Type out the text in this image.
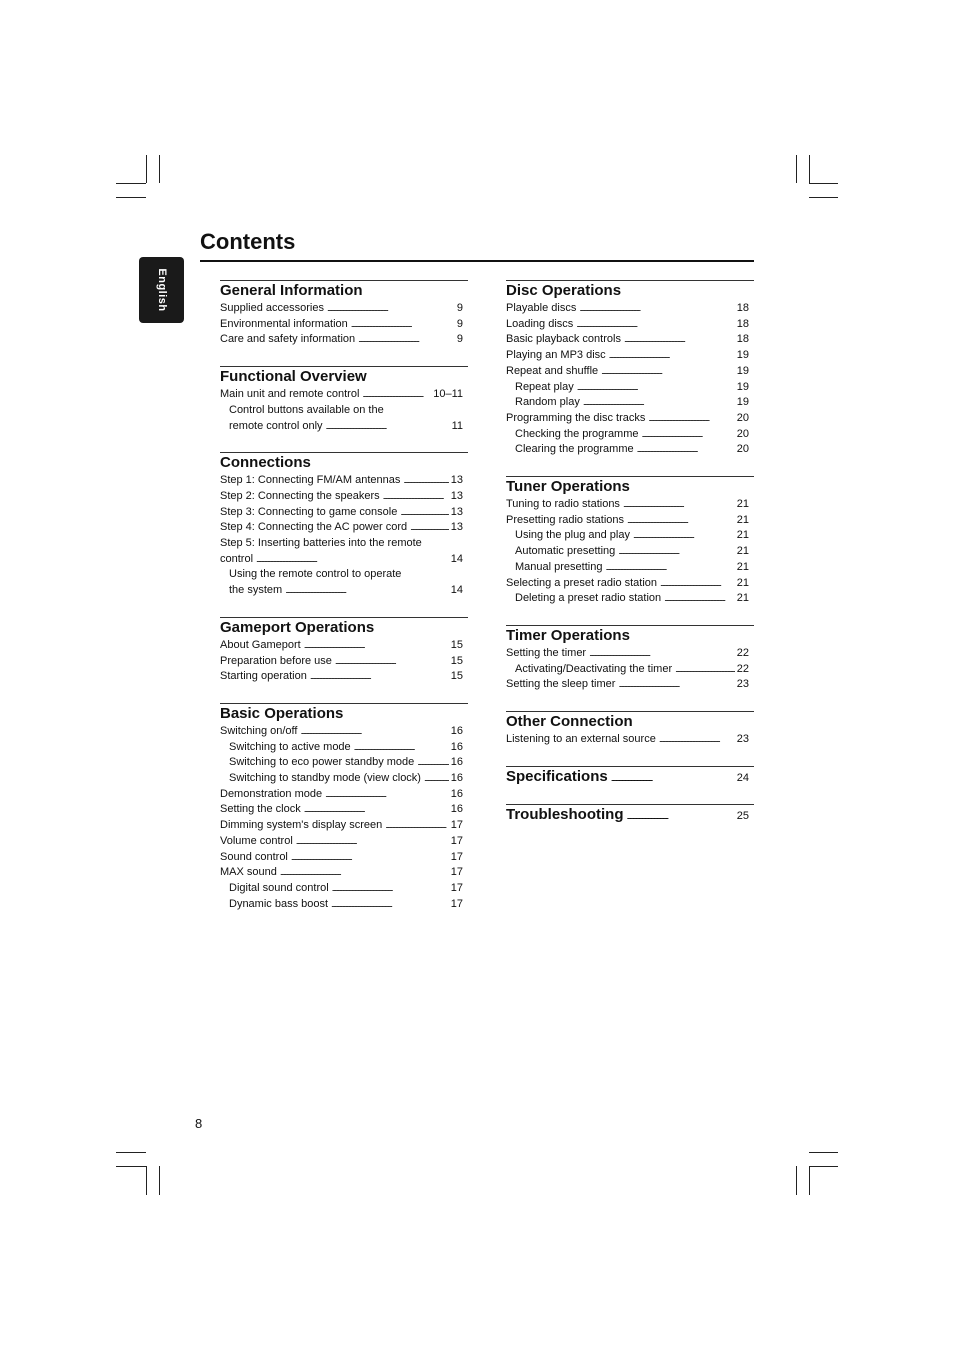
English
Contents
General Information
Supplied accessories . . .	9
Environmental information . . .	9
Care and safety information . . .	9
Functional Overview
Main unit and remote control . . .	10–11
Control buttons available on the
remote control only . . .	11
Connections
Step 1: Connecting FM/AM antennas . . .	13
Step 2: Connecting the speakers . . .	13
Step 3: Connecting to game console . . .	13
Step 4: Connecting the AC power cord . . .	13
Step 5: Inserting batteries into the remote
control . . .	14
Using the remote control to operate
the system . . .	14
Gameport Operations
About Gameport . . .	15
Preparation before use . . .	15
Starting operation . . .	15
Basic Operations
Switching on/off . . .	16
Switching to active mode . . .	16
Switching to eco power standby mode . . .	16
Switching to standby mode (view clock) . . .	16
Demonstration mode . . .	16
Setting the clock . . .	16
Dimming system's display screen . . .	17
Volume control . . .	17
Sound control . . .	17
MAX sound . . .	17
Digital sound control . . .	17
Dynamic bass boost . . .	17
Disc Operations
Playable discs . . .	18
Loading discs . . .	18
Basic playback controls . . .	18
Playing an MP3 disc . . .	19
Repeat and shuffle . . .	19
Repeat play . . .	19
Random play . . .	19
Programming the disc tracks . . .	20
Checking the programme . . .	20
Clearing the programme . . .	20
Tuner Operations
Tuning to radio stations . . .	21
Presetting radio stations . . .	21
Using the plug and play . . .	21
Automatic presetting . . .	21
Manual presetting . . .	21
Selecting a preset radio station . . .	21
Deleting a preset radio station . . .	21
Timer Operations
Setting the timer . . .	22
Activating/Deactivating the timer . . .	22
Setting the sleep timer . . .	23
Other Connection
Listening to an external source . . .	23
Specifications . . .	24
Troubleshooting . . .	25
8
